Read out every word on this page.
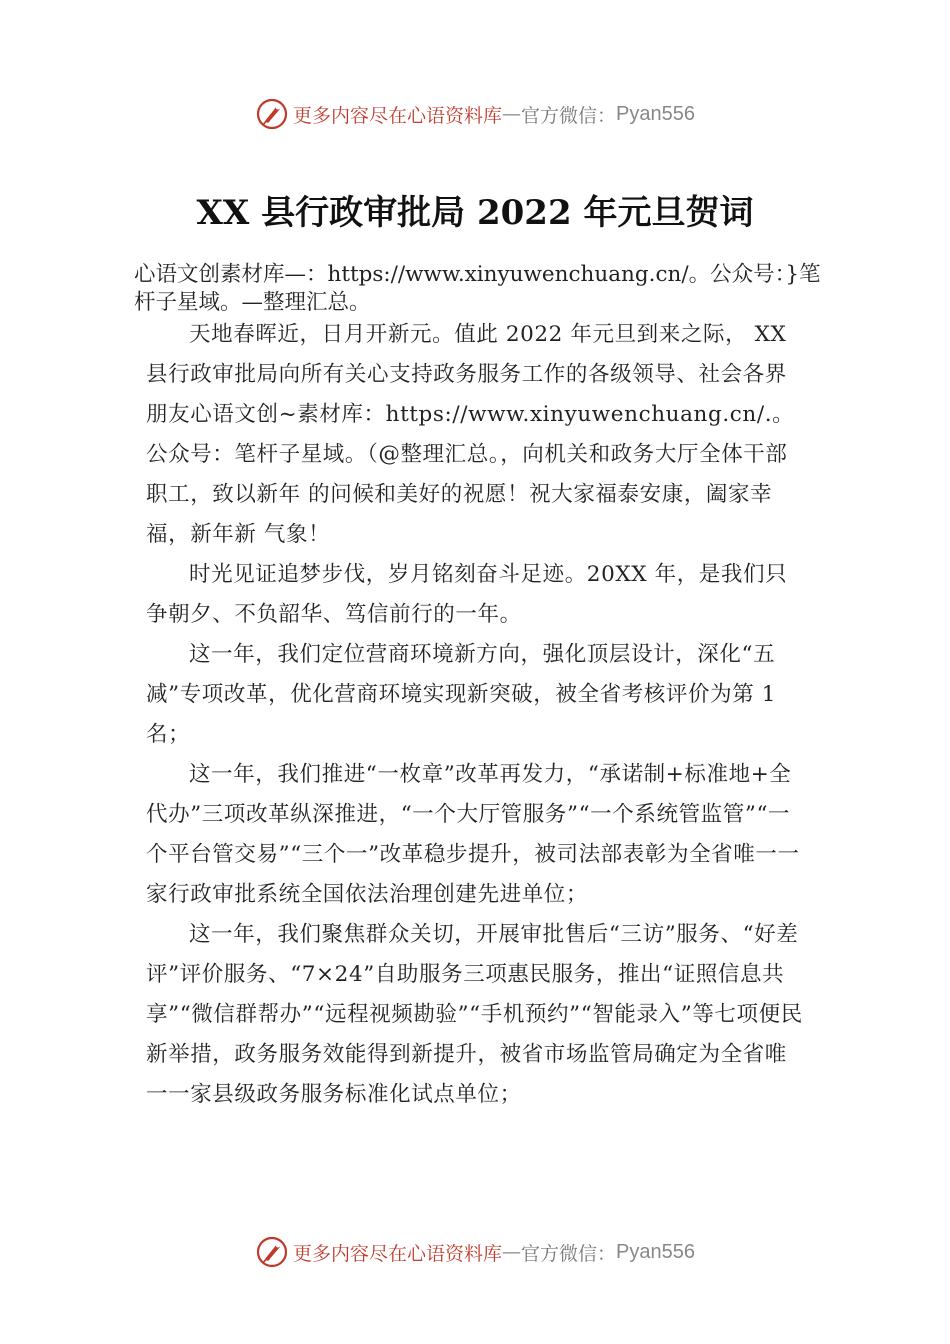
更多内容尽在心语资料库 — 官方微信 ： Pyan556
XX 县行政审批局 2022 年元旦贺词

心语文创素材库—：https://www.xinyuwenchuang.cn/。公众号：}笔杆子星域。—整理汇总。

天地春晖近，日月开新元。值此 2022 年元旦到来之际， XX 县行政审批局向所有关心支持政务服务工作的各级领导、社会各界朋友心语文创~素材库：https://www.xinyuwenchuang.cn/.。公众号：笔杆子星域。（@整理汇总。，向机关和政务大厅全体干部职工，致以新年 的问候和美好的祝愿！祝大家福泰安康，阖家幸福，新年新 气象！

时光见证追梦步伐，岁月铭刻奋斗足迹。20XX 年，是我们只争朝夕、不负韶华、笃信前行的一年。

这一年，我们定位营商环境新方向，强化顶层设计，深化“五减”专项改革，优化营商环境实现新突破，被全省考核评价为第 1 名；

这一年，我们推进“一枚章”改革再发力，“承诺制+标准地+全代办”三项改革纵深推进，“一个大厅管服务”“一个系统管监管”“一个平台管交易”“三个一”改革稳步提升，被司法部表彰为全省唯一一家行政审批系统全国依法治理创建先进单位；

这一年，我们聚焦群众关切，开展审批售后“三访”服务、“好差评”评价服务、“7×24”自助服务三项惠民服务，推出“证照信息共享”“微信群帮办”“远程视频勘验”“手机预约”“智能录入”等七项便民新举措，政务服务效能得到新提升，被省市场监管局确定为全省唯一一家县级政务服务标准化试点单位；

更多内容尽在心语资料库 — 官方微信 ： Pyan556
